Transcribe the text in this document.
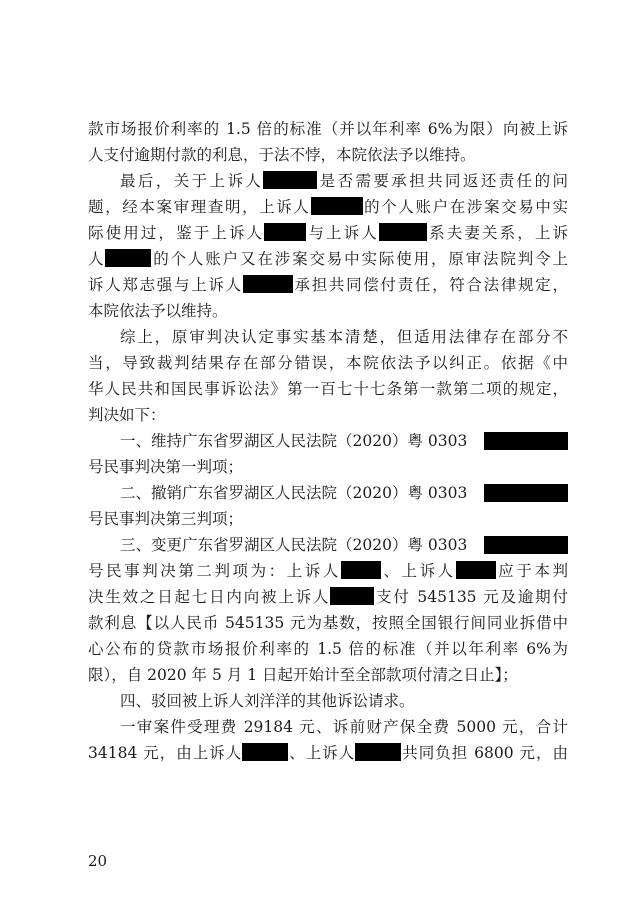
款市场报价利率的 1.5 倍的标准（并以年利率 6%为限）向被上诉
人支付逾期付款的利息，于法不悖，本院依法予以维持。
最后，关于上诉人	是否需要承担共同返还责任的问
题，经本案审理查明，上诉人	的个人账户在涉案交易中实
际使用过，鉴于上诉人	与上诉人	系夫妻关系，上诉
人	的个人账户又在涉案交易中实际使用，原审法院判令上
诉人郑志强与上诉人	承担共同偿付责任，符合法律规定，
本院依法予以维持。
综上，原审判决认定事实基本清楚，但适用法律存在部分不
当，导致裁判结果存在部分错误，本院依法予以纠正。依据《中
华人民共和国民事诉讼法》第一百七十七条第一款第二项的规定，
判决如下：
一、维持广东省罗湖区人民法院（2020）粤 0303
号民事判决第一判项；
二、撤销广东省罗湖区人民法院（2020）粤 0303
号民事判决第三判项；
三、变更广东省罗湖区人民法院（2020）粤 0303
号民事判决第二判项为：上诉人	、上诉人	应于本判
决生效之日起七日内向被上诉人	支付 545135 元及逾期付
款利息【以人民币 545135 元为基数，按照全国银行间同业拆借中
心公布的贷款市场报价利率的 1.5 倍的标准（并以年利率 6%为
限），自 2020 年 5 月 1 日起开始计至全部款项付清之日止】；
四、驳回被上诉人刘洋洋的其他诉讼请求。
一审案件受理费 29184 元、诉前财产保全费 5000 元，合计
34184 元，由上诉人	、上诉人	共同负担 6800 元，由
20
